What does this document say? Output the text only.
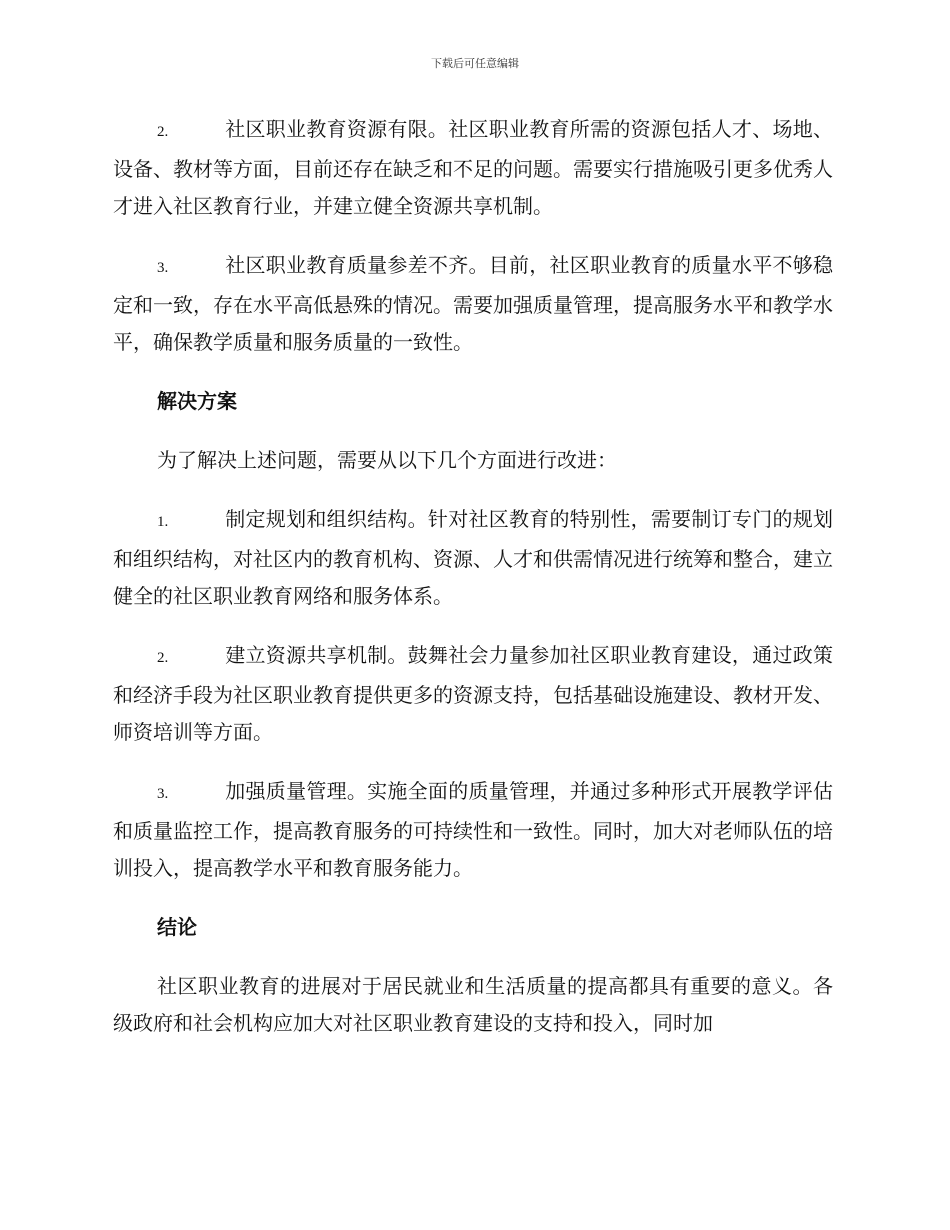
下载后可任意编辑

2.	社区职业教育资源有限。社区职业教育所需的资源包括人才、场地、设备、教材等方面，目前还存在缺乏和不足的问题。需要实行措施吸引更多优秀人才进入社区教育行业，并建立健全资源共享机制。

3.	社区职业教育质量参差不齐。目前，社区职业教育的质量水平不够稳定和一致，存在水平高低悬殊的情况。需要加强质量管理，提高服务水平和教学水平，确保教学质量和服务质量的一致性。

解决方案

为了解决上述问题，需要从以下几个方面进行改进：

1.	制定规划和组织结构。针对社区教育的特别性，需要制订专门的规划和组织结构，对社区内的教育机构、资源、人才和供需情况进行统筹和整合，建立健全的社区职业教育网络和服务体系。

2.	建立资源共享机制。鼓舞社会力量参加社区职业教育建设，通过政策和经济手段为社区职业教育提供更多的资源支持，包括基础设施建设、教材开发、师资培训等方面。

3.	加强质量管理。实施全面的质量管理，并通过多种形式开展教学评估和质量监控工作，提高教育服务的可持续性和一致性。同时，加大对老师队伍的培训投入，提高教学水平和教育服务能力。

结论

社区职业教育的进展对于居民就业和生活质量的提高都具有重要的意义。各级政府和社会机构应加大对社区职业教育建设的支持和投入，同时加
